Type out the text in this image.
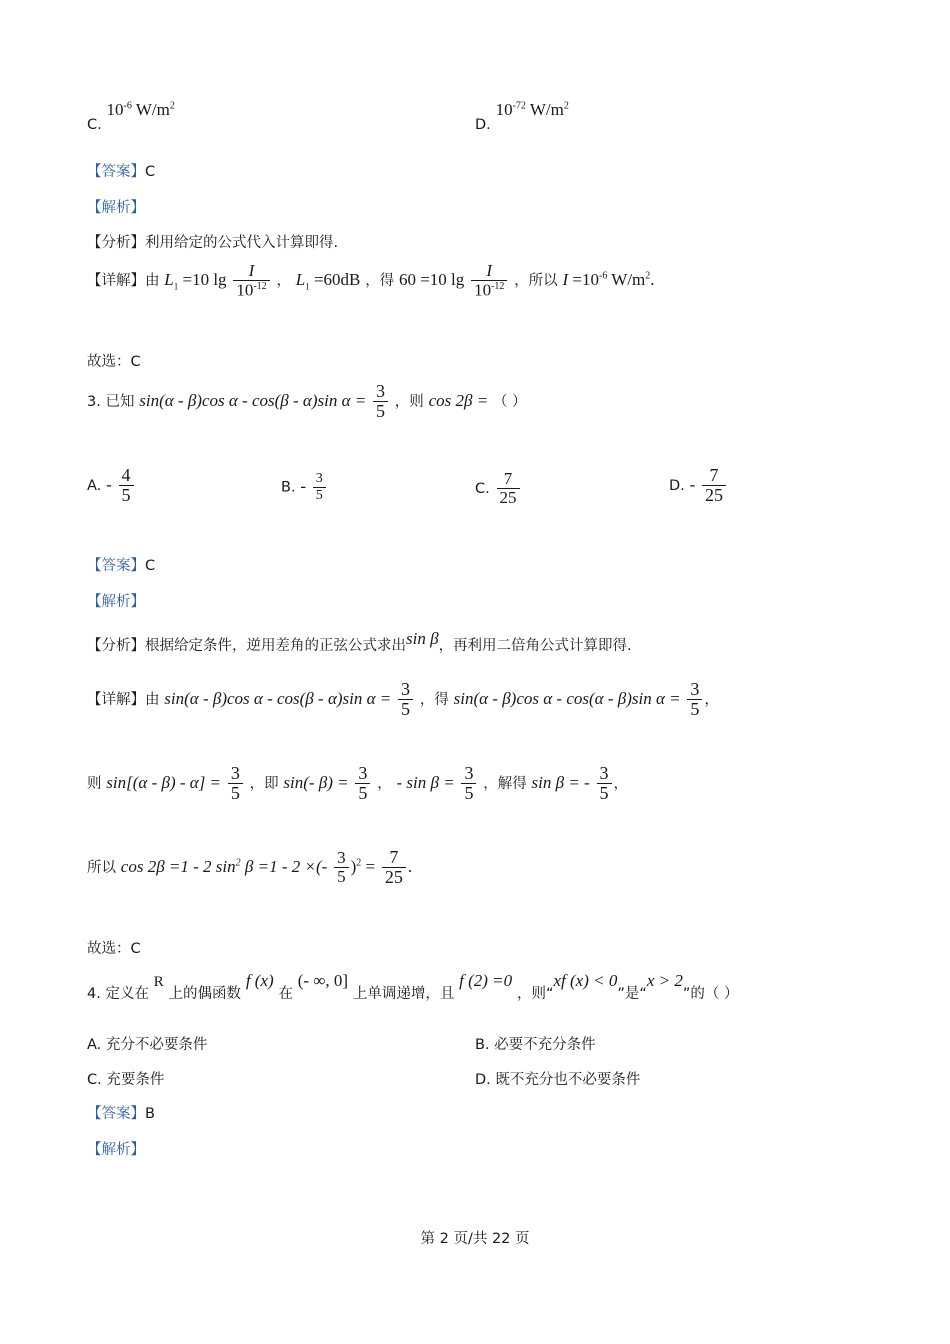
C. $10^{-6}$ $W/m^2$
D. $10^{-72}$ $W/m^2$
【答案】C
【解析】
【分析】利用给定的公式代入计算即得.
【详解】由 $L_1 =10$ $\lg \frac{I}{10^{-12}}$ ， $L_1 =60dB$ ，得 60 =10 $\lg \frac{I}{10^{-12}}$ ，所以 $I =10^{-6}$ $W/m^2$.
故选：C
3. 已知 sin(α - β)cos α - cos(β - α)sin $\alpha = \frac{3}{5}$ ，则 cos 2β = （ ）
A. - $\frac{4}{5}$	B. - $\frac{3}{5}$	C. $\frac{7}{25}$	D. - $\frac{7}{25}$
【答案】C
【解析】
【分析】根据给定条件，逆用差角的正弦公式求出sin β，再利用二倍角公式计算即得.
【详解】由 sin(α - β)cos α - cos(β - α)sin $\alpha = \frac{3}{5}$ ，得 sin(α - β)cos α - cos(α - β)sin $\alpha = \frac{3}{5}$ ，
则 $\sin[(\alpha - \beta) - \alpha] = \frac{3}{5}$ ，即 sin(- $\beta) = \frac{3}{5}$ ， - $\sin \beta = \frac{3}{5}$ ，解得 sin β = - $\frac{3}{5}$ ，
所以 cos 2β =1 - 2 $\sin^2 \beta =1 - 2$ ×(- $\frac{3}{5} )^2 = \frac{7}{25}$ .
故选：C
4. 定义在 R 上的偶函数 f (x) 在 (- ∞, 0] 上单调递增，且 f (2) =0 ，则“xf (x) < 0”是“x > 2”的（ ）
A. 充分不必要条件	B. 必要不充分条件
C. 充要条件	D. 既不充分也不必要条件
【答案】B
【解析】
第 2 页/共 22 页
